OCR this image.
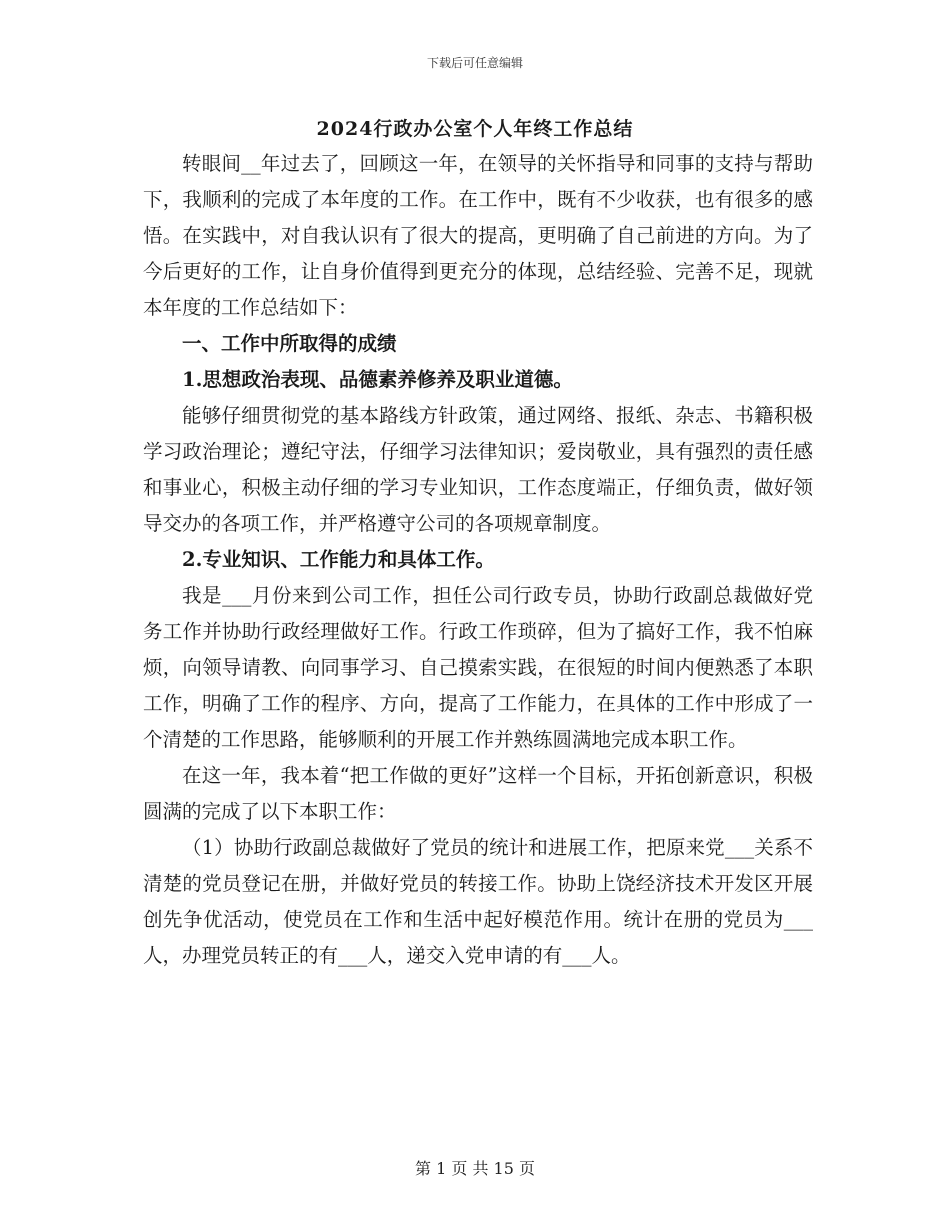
下载后可任意编辑
2024行政办公室个人年终工作总结

转眼间__年过去了，回顾这一年，在领导的关怀指导和同事的支持与帮助下，我顺利的完成了本年度的工作。在工作中，既有不少收获，也有很多的感悟。在实践中，对自我认识有了很大的提高，更明确了自己前进的方向。为了今后更好的工作，让自身价值得到更充分的体现，总结经验、完善不足，现就本年度的工作总结如下：

一、工作中所取得的成绩

1.思想政治表现、品德素养修养及职业道德。

能够仔细贯彻党的基本路线方针政策，通过网络、报纸、杂志、书籍积极学习政治理论；遵纪守法，仔细学习法律知识；爱岗敬业，具有强烈的责任感和事业心，积极主动仔细的学习专业知识，工作态度端正，仔细负责，做好领导交办的各项工作，并严格遵守公司的各项规章制度。

2.专业知识、工作能力和具体工作。

我是___月份来到公司工作，担任公司行政专员，协助行政副总裁做好党务工作并协助行政经理做好工作。行政工作琐碎，但为了搞好工作，我不怕麻烦，向领导请教、向同事学习、自己摸索实践，在很短的时间内便熟悉了本职工作，明确了工作的程序、方向，提高了工作能力，在具体的工作中形成了一个清楚的工作思路，能够顺利的开展工作并熟练圆满地完成本职工作。

在这一年，我本着“把工作做的更好”这样一个目标，开拓创新意识，积极圆满的完成了以下本职工作：

（1）协助行政副总裁做好了党员的统计和进展工作，把原来党___关系不清楚的党员登记在册，并做好党员的转接工作。协助上饶经济技术开发区开展创先争优活动，使党员在工作和生活中起好模范作用。统计在册的党员为___人，办理党员转正的有___人，递交入党申请的有___人。

第 1 页 共 15 页
